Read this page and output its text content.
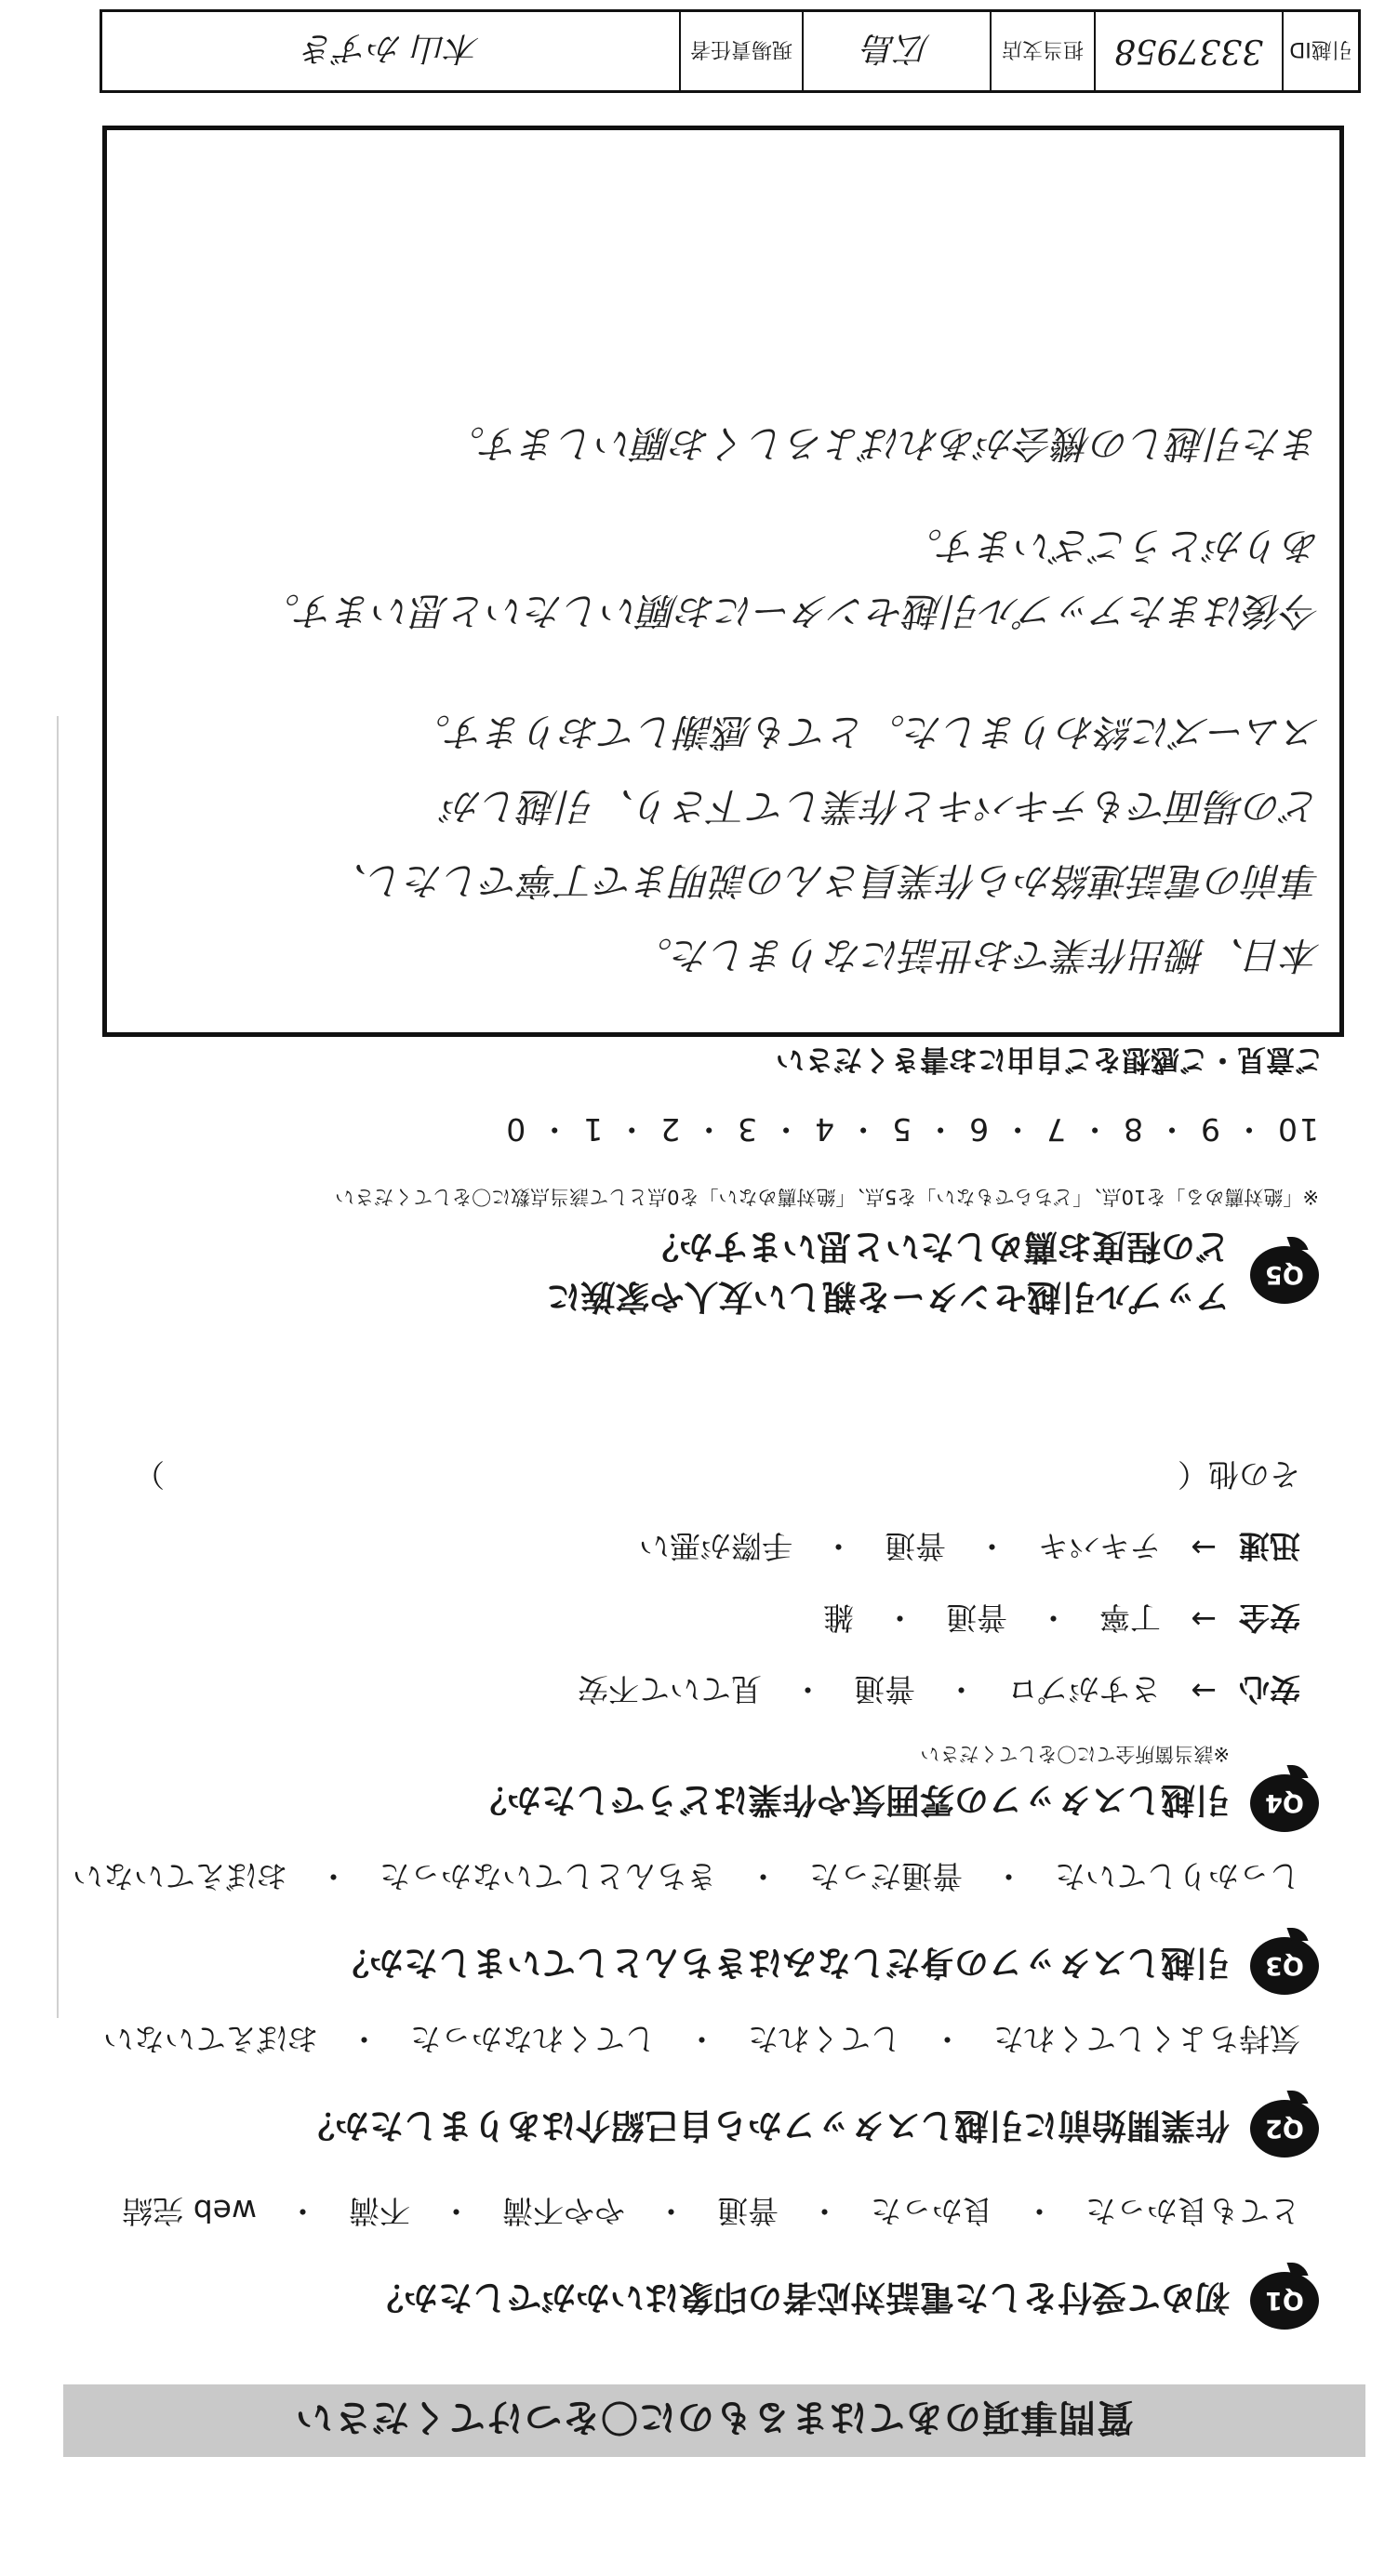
質問事項のあてはまるものに〇をつけてください
Q1
初めて受付をした電話対応者の印象はいかがでしたか？
とても良かった　・　良かった　・　普通　・　やや不満　・　不満　・　web 完結
Q2
作業開始前に引越しスタッフから自己紹介はありましたか？
気持ちよくしてくれた　・　してくれた　・　してくれなかった　・　おぼえていない
Q3
引越しスタッフの身だしなみはきちんとしていましたか？
しっかりしていた　・　普通だった　・　きちんとしていなかった　・　おぼえていない
Q4
引越しスタッフの雰囲気や作業はどうでしたか？
※該当箇所全てに〇をしてください
安心
→
さすがプロ　・　普通　・　見ていて不安
安全
→
丁寧　・　普通　・　雑
迅速
→
テキパキ　・　普通　・　手際が悪い
その他（　　　　　　　　　　　　　　　　　　　　　　　　　　　　　　　　　）
Q5
アップル引越センターを親しい友人や家族に
どの程度お薦めしたいと思いますか？
※「絶対薦める」を10点、「どちらでもない」を5点、「絶対薦めない」を0点として該当点数に〇をしてください
10 ・ 9 ・ 8 ・ 7 ・ 6 ・ 5 ・ 4 ・ 3 ・ 2 ・ 1 ・ 0
ご意見・ご感想をご自由にお書きください
本日、搬出作業でお世話になりました。
事前の電話連絡から作業員さんの説明まで丁寧でしたし、
どの場面でもテキパキと作業して下さり、引越しが
スムーズに終わりました。とても感謝しております。
今後はまたアップル引越センターにお願いしたいと思います。
ありがとうございます。
また引越しの機会があればよろしくお願いします。
引越ID
3337958
担当支店
広島
現場責任者
木山 かずき
